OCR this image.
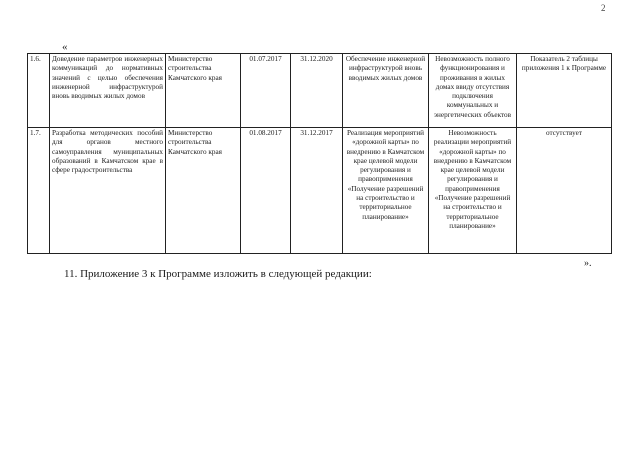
2
«
1.6.	Доведение параметров инженерных коммуникаций до нормативных значений с целью обеспечения инженерной инфраструктурой вновь вводимых жилых домов	Министерство строительства Камчатского края	01.07.2017	31.12.2020	Обеспечение инженерной инфраструктурой вновь вводимых жилых домов	Невозможность полного функционирования и проживания в жилых домах ввиду отсутствия подключения коммунальных и энергетических объектов	Показатель 2 таблицы приложения 1 к Программе
1.7.	Разработка методических пособий для органов местного самоуправления муниципальных образований в Камчатском крае в сфере градостроительства	Министерство строительства Камчатского края	01.08.2017	31.12.2017	Реализация мероприятий «дорожной карты» по внедрению в Камчатском крае целевой модели регулирования и правоприменения «Получение разрешений на строительство и территориальное планирование»	Невозможность реализации мероприятий «дорожной карты» по внедрению в Камчатском крае целевой модели регулирования и правоприменения «Получение разрешений на строительство и территориальное планирование»	отсутствует
».
11. Приложение 3 к Программе изложить в следующей редакции:
